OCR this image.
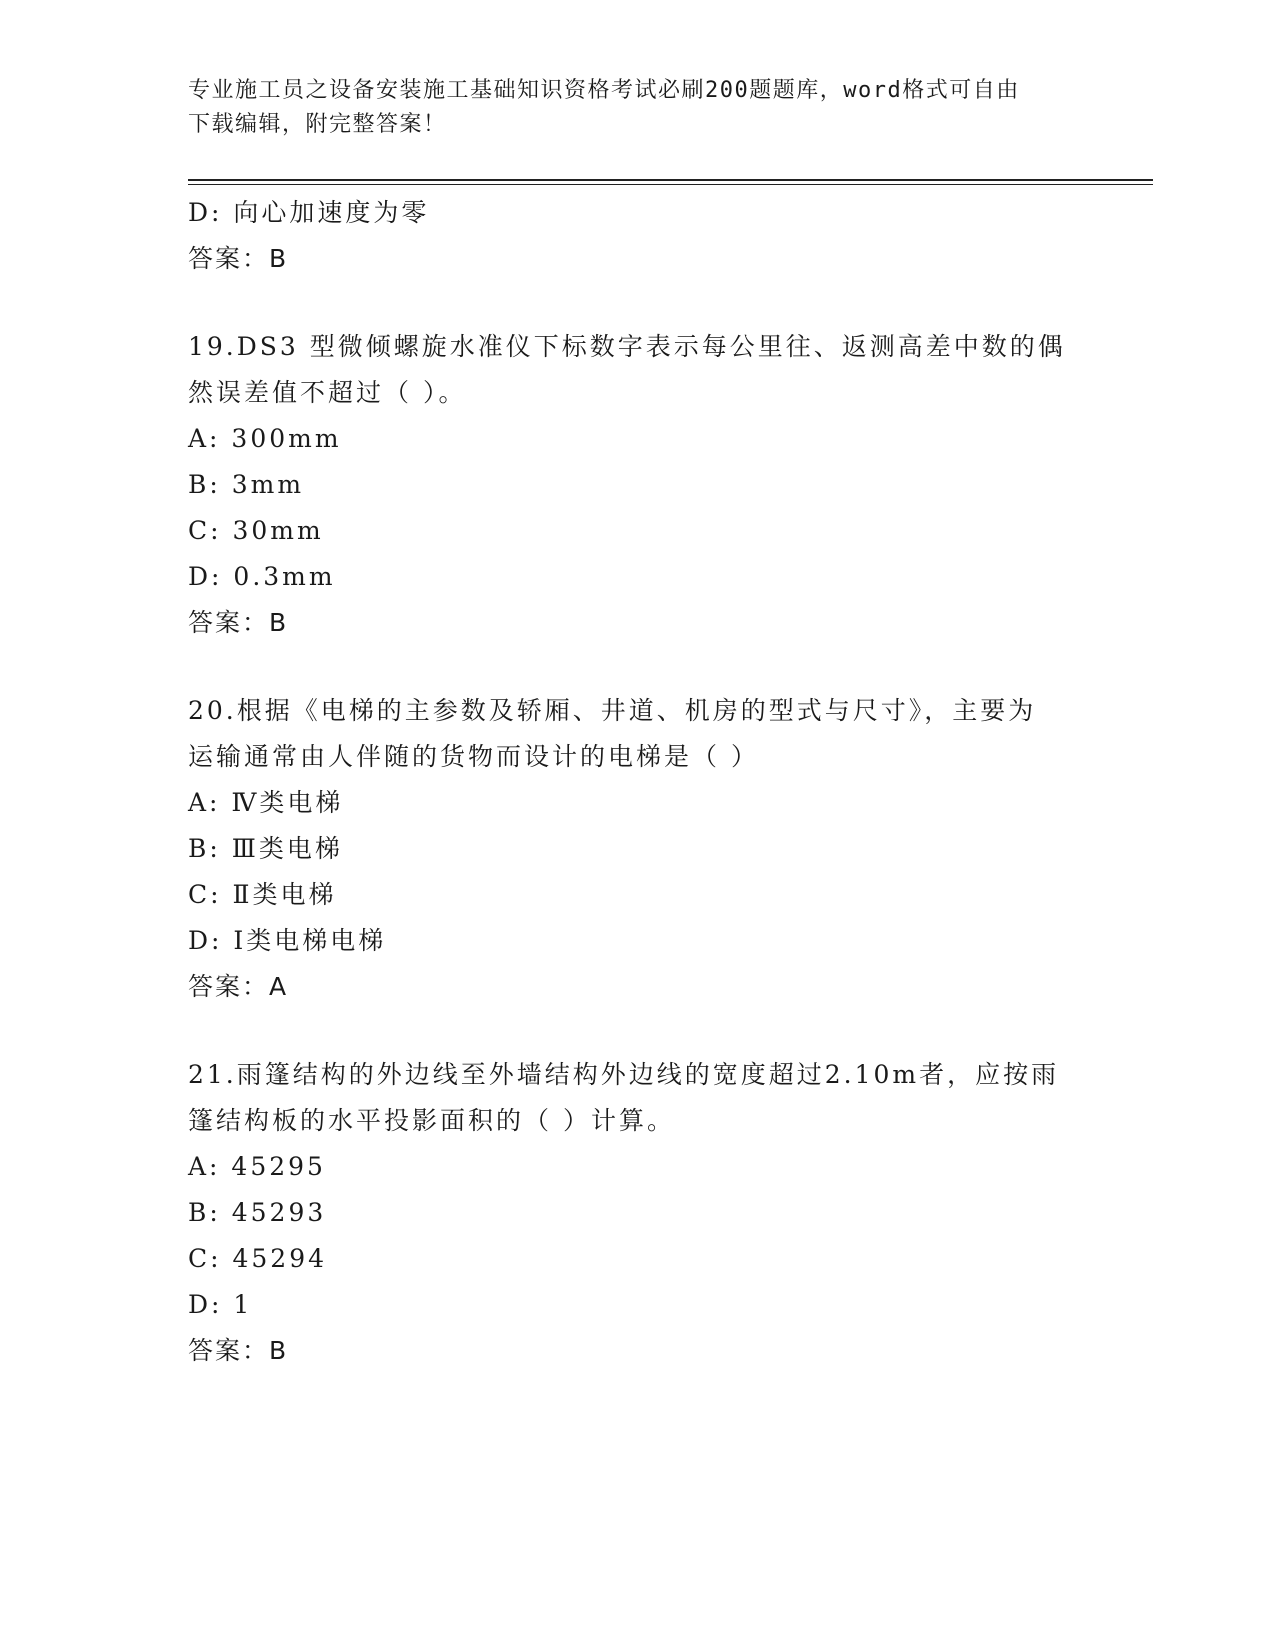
专业施工员之设备安装施工基础知识资格考试必刷200题题库，word格式可自由
下载编辑，附完整答案！
D: 向心加速度为零
答案：B
19.DS3 型微倾螺旋水准仪下标数字表示每公里往、返测高差中数的偶
然误差值不超过（ ）。
A: 300mm
B: 3mm
C: 30mm
D: 0.3mm
答案：B
20.根据《电梯的主参数及轿厢、井道、机房的型式与尺寸》，主要为
运输通常由人伴随的货物而设计的电梯是（ ）
A: Ⅳ类电梯
B: Ⅲ类电梯
C: Ⅱ类电梯
D: Ⅰ类电梯电梯
答案：A
21.雨篷结构的外边线至外墙结构外边线的宽度超过2.10m者，应按雨
篷结构板的水平投影面积的（ ）计算。
A: 45295
B: 45293
C: 45294
D: 1
答案：B
